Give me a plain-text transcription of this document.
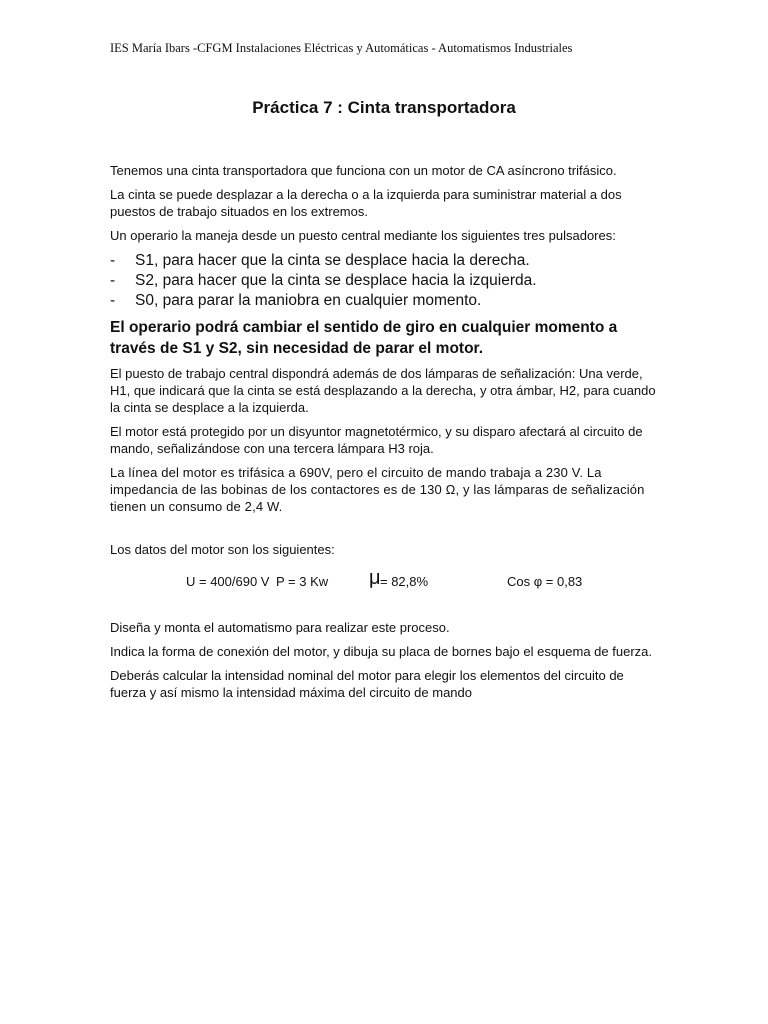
IES María Ibars -CFGM Instalaciones Eléctricas y Automáticas - Automatismos Industriales
Práctica 7 : Cinta transportadora

Tenemos una cinta transportadora que funciona con un motor de CA asíncrono trifásico.

La cinta se puede desplazar a la derecha o a la izquierda para suministrar material a dos puestos de trabajo situados en los extremos.

Un operario la maneja desde un puesto central mediante los siguientes tres pulsadores:

- S1, para hacer que la cinta se desplace hacia la derecha.
- S2, para hacer que la cinta se desplace hacia la izquierda.
- S0, para parar la maniobra en cualquier momento.

El operario podrá cambiar el sentido de giro en cualquier momento a través de S1 y S2, sin necesidad de parar el motor.

El puesto de trabajo central dispondrá además de dos lámparas de señalización: Una verde, H1, que indicará que la cinta se está desplazando a la derecha, y otra ámbar, H2, para cuando la cinta se desplace a la izquierda.

El motor está protegido por un disyuntor magnetotérmico, y su disparo afectará al circuito de mando, señalizándose con una tercera lámpara H3 roja.

La línea del motor es trifásica a 690V, pero el circuito de mando trabaja a 230 V. La impedancia de las bobinas de los contactores es de 130 Ω, y las lámparas de señalización tienen un consumo de 2,4 W.

Los datos del motor son los siguientes:

U = 400/690 V P = 3 Kw μ = 82,8%	Cos φ = 0,83

Diseña y monta el automatismo para realizar este proceso.

Indica la forma de conexión del motor, y dibuja su placa de bornes bajo el esquema de fuerza.

Deberás calcular la intensidad nominal del motor para elegir los elementos del circuito de fuerza y así mismo la intensidad máxima del circuito de mando
